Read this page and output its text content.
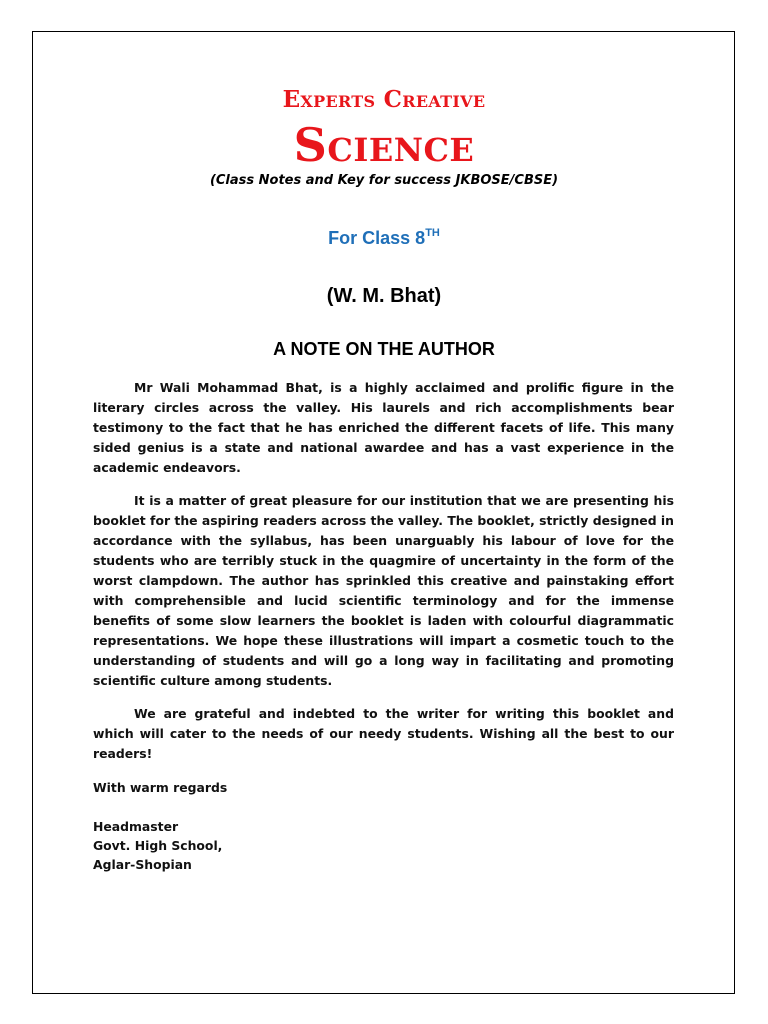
Experts Creative
Science
(Class Notes and Key for success JKBOSE/CBSE)
For Class 8TH
(W. M. Bhat)
A NOTE ON THE AUTHOR

Mr Wali Mohammad Bhat, is a highly acclaimed and prolific figure in the literary circles across the valley. His laurels and rich accomplishments bear testimony to the fact that he has enriched the different facets of life. This many sided genius is a state and national awardee and has a vast experience in the academic endeavors.

It is a matter of great pleasure for our institution that we are presenting his booklet for the aspiring readers across the valley. The booklet, strictly designed in accordance with the syllabus, has been unarguably his labour of love for the students who are terribly stuck in the quagmire of uncertainty in the form of the worst clampdown. The author has sprinkled this creative and painstaking effort with comprehensible and lucid scientific terminology and for the immense benefits of some slow learners the booklet is laden with colourful diagrammatic representations. We hope these illustrations will impart a cosmetic touch to the understanding of students and will go a long way in facilitating and promoting scientific culture among students.

We are grateful and indebted to the writer for writing this booklet and which will cater to the needs of our needy students. Wishing all the best to our readers!

With warm regards
Headmaster
Govt. High School,
Aglar-Shopian
